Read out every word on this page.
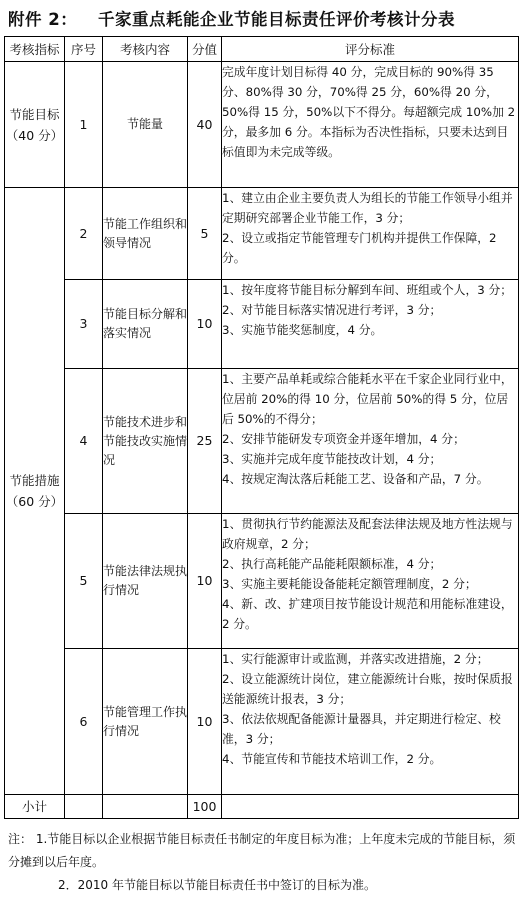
附件 2： 千家重点耗能企业节能目标责任评价考核计分表
考核指标	序号	考核内容	分值	评分标准
节能目标（40 分）	1	节能量	40	完成年度计划目标得 40 分，完成目标的 90%得 35 分、80%得 30 分，70%得 25 分，60%得 20 分，50%得 15 分，50%以下不得分。每超额完成 10%加 2 分，最多加 6 分。本指标为否决性指标，只要未达到目标值即为未完成等级。

节能措施（60 分）	2	节能工作组织和领导情况	5	1、建立由企业主要负责人为组长的节能工作领导小组并定期研究部署企业节能工作，3 分；

2、设立或指定节能管理专门机构并提供工作保障，2 分。

	3	节能目标分解和落实情况	10	1、按年度将节能目标分解到车间、班组或个人，3 分；

2、对节能目标落实情况进行考评，3 分；

3、实施节能奖惩制度，4 分。

	4	节能技术进步和节能技改实施情况	25	1、主要产品单耗或综合能耗水平在千家企业同行业中，位居前 20%的得 10 分，位居前 50%的得 5 分，位居后 50%的不得分；

2、安排节能研发专项资金并逐年增加，4 分；

3、实施并完成年度节能技改计划，4 分；

4、按规定淘汰落后耗能工艺、设备和产品，7 分。

	5	节能法律法规执行情况	10	1、贯彻执行节约能源法及配套法律法规及地方性法规与政府规章，2 分；

2、执行高耗能产品能耗限额标准，4 分；

3、实施主要耗能设备能耗定额管理制度，2 分；

4、新、改、扩建项目按节能设计规范和用能标准建设，2 分。

	6	节能管理工作执行情况	10	1、实行能源审计或监测，并落实改进措施，2 分；

2、设立能源统计岗位，建立能源统计台账，按时保质报送能源统计报表，3 分；

3、依法依规配备能源计量器具，并定期进行检定、校准，3 分；

4、节能宣传和节能技术培训工作，2 分。

小计			100	
注： 1.节能目标以企业根据节能目标责任书制定的年度目标为准；上年度未完成的节能目标，须分摊到以后年度。
2．2010 年节能目标以节能目标责任书中签订的目标为准。
